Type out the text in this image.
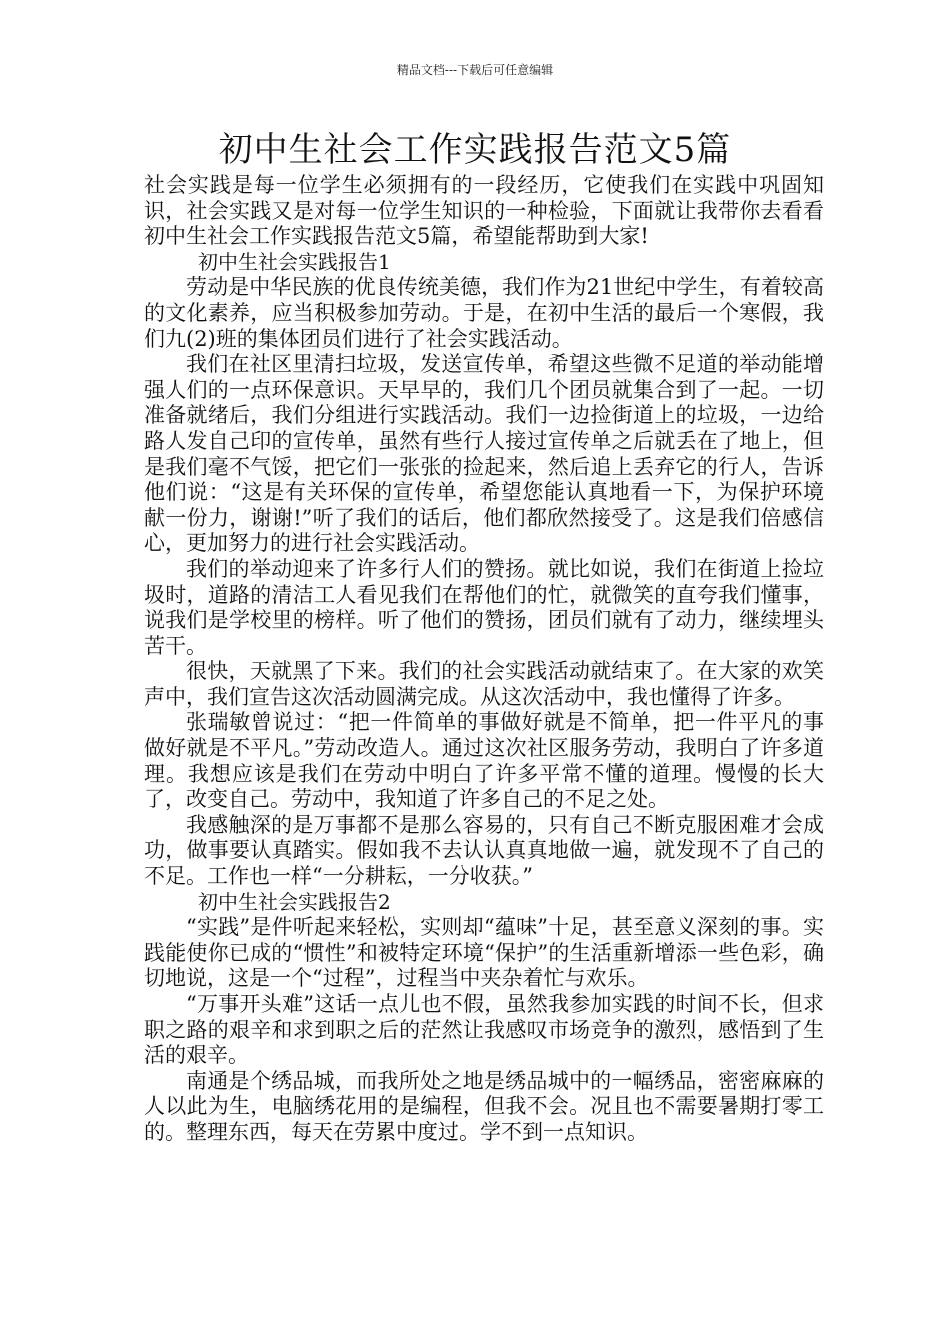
精品文档---下载后可任意编辑
初中生社会工作实践报告范文5篇

社会实践是每一位学生必须拥有的一段经历，它使我们在实践中巩固知识，社会实践又是对每一位学生知识的一种检验，下面就让我带你去看看初中生社会工作实践报告范文5篇，希望能帮助到大家!

初中生社会实践报告1

劳动是中华民族的优良传统美德，我们作为21世纪中学生，有着较高的文化素养，应当积极参加劳动。于是，在初中生活的最后一个寒假，我们九(2)班的集体团员们进行了社会实践活动。

我们在社区里清扫垃圾，发送宣传单，希望这些微不足道的举动能增强人们的一点环保意识。天早早的，我们几个团员就集合到了一起。一切准备就绪后，我们分组进行实践活动。我们一边捡街道上的垃圾，一边给路人发自己印的宣传单，虽然有些行人接过宣传单之后就丢在了地上，但是我们毫不气馁，把它们一张张的捡起来，然后追上丢弃它的行人，告诉他们说：“这是有关环保的宣传单，希望您能认真地看一下，为保护环境献一份力，谢谢!”听了我们的话后，他们都欣然接受了。这是我们倍感信心，更加努力的进行社会实践活动。

我们的举动迎来了许多行人们的赞扬。就比如说，我们在街道上捡垃圾时，道路的清洁工人看见我们在帮他们的忙，就微笑的直夸我们懂事，说我们是学校里的榜样。听了他们的赞扬，团员们就有了动力，继续埋头苦干。

很快，天就黑了下来。我们的社会实践活动就结束了。在大家的欢笑声中，我们宣告这次活动圆满完成。从这次活动中，我也懂得了许多。

张瑞敏曾说过：“把一件简单的事做好就是不简单，把一件平凡的事做好就是不平凡。”劳动改造人。通过这次社区服务劳动，我明白了许多道理。我想应该是我们在劳动中明白了许多平常不懂的道理。慢慢的长大了，改变自己。劳动中，我知道了许多自己的不足之处。

我感触深的是万事都不是那么容易的，只有自己不断克服困难才会成功，做事要认真踏实。假如我不去认认真真地做一遍，就发现不了自己的不足。工作也一样“一分耕耘，一分收获。”

初中生社会实践报告2

“实践”是件听起来轻松，实则却“蕴味”十足，甚至意义深刻的事。实践能使你已成的“惯性”和被特定环境“保护”的生活重新增添一些色彩，确切地说，这是一个“过程”，过程当中夹杂着忙与欢乐。

“万事开头难”这话一点儿也不假，虽然我参加实践的时间不长，但求职之路的艰辛和求到职之后的茫然让我感叹市场竞争的激烈，感悟到了生活的艰辛。

南通是个绣品城，而我所处之地是绣品城中的一幅绣品，密密麻麻的人以此为生，电脑绣花用的是编程，但我不会。况且也不需要暑期打零工的。整理东西，每天在劳累中度过。学不到一点知识。
